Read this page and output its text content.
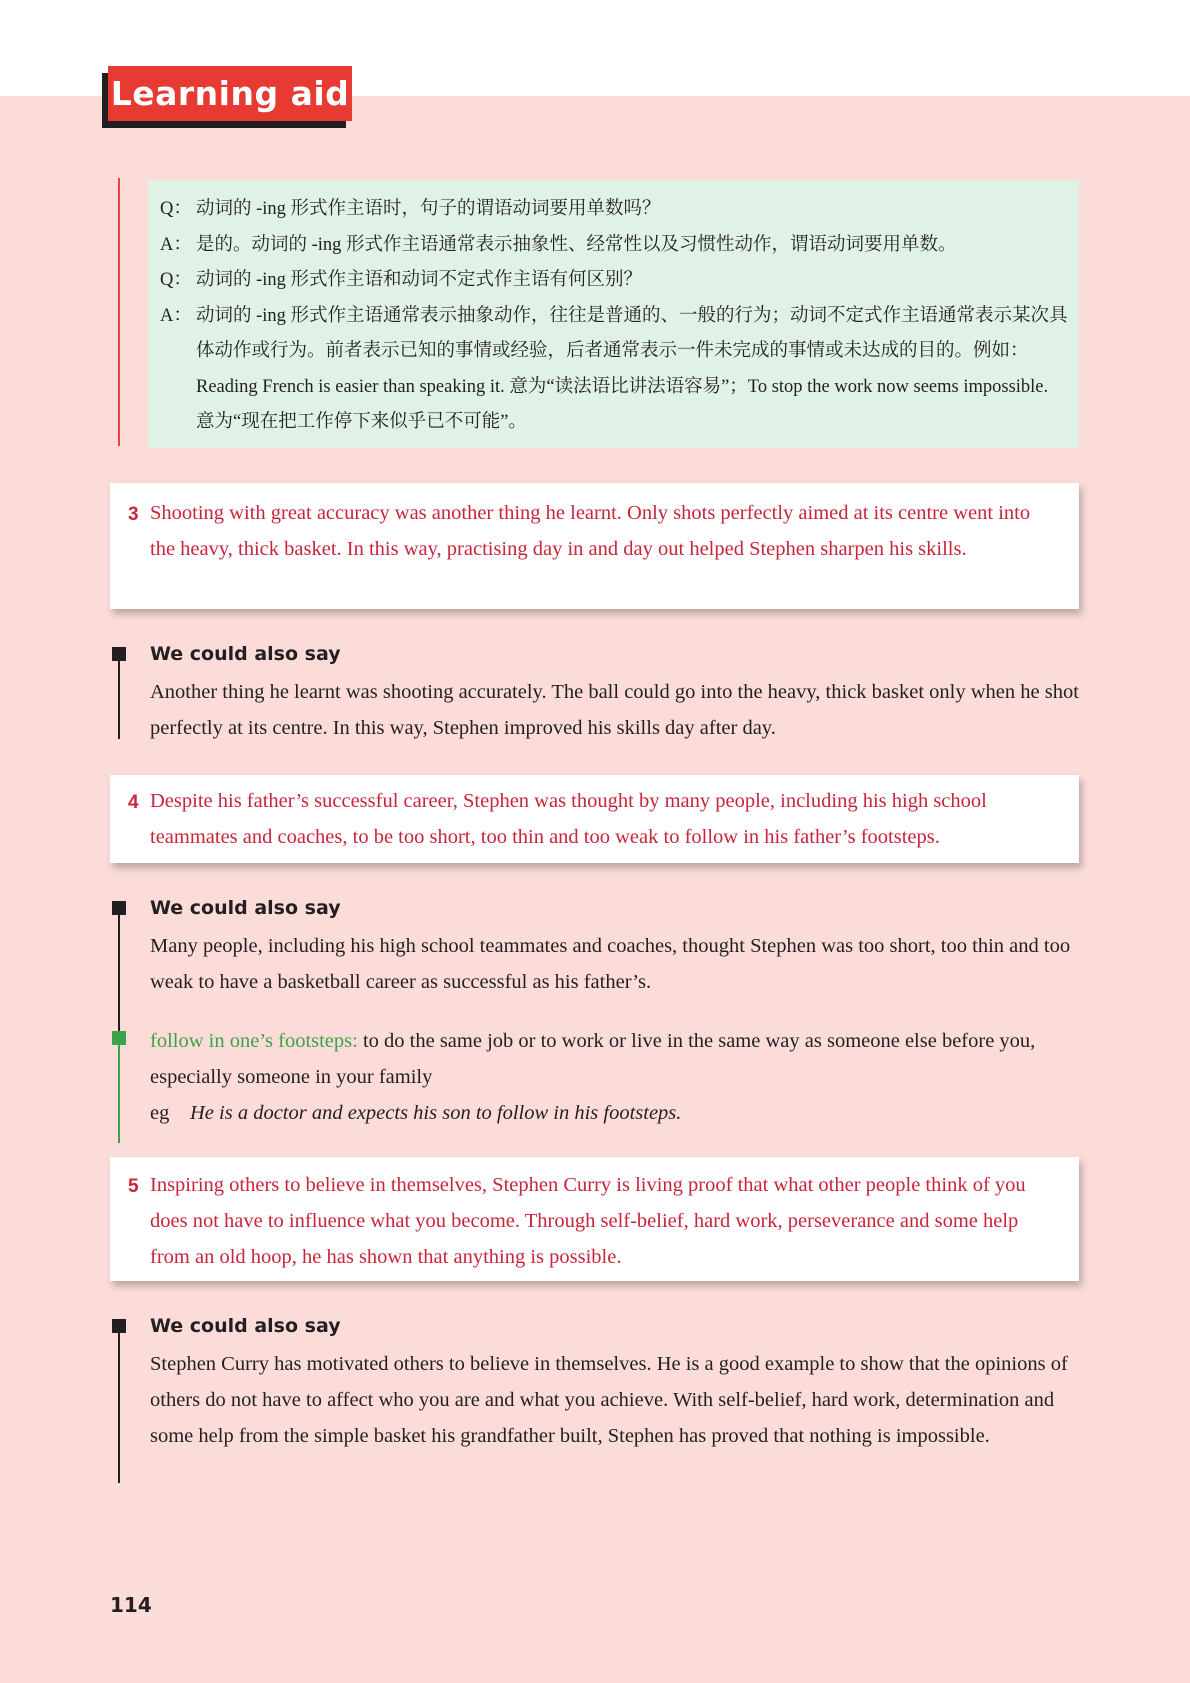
Learning aid
Q： 动词的 -ing 形式作主语时，句子的谓语动词要用单数吗？
A： 是的。动词的 -ing 形式作主语通常表示抽象性、经常性以及习惯性动作，谓语动词要用单数。
Q： 动词的 -ing 形式作主语和动词不定式作主语有何区别？
A： 动词的 -ing 形式作主语通常表示抽象动作，往往是普通的、一般的行为；动词不定式作主语通常表示某次具体动作或行为。前者表示已知的事情或经验，后者通常表示一件未完成的事情或未达成的目的。例如：Reading French is easier than speaking it. 意为“读法语比讲法语容易”；To stop the work now seems impossible. 意为“现在把工作停下来似乎已不可能”。
3 Shooting with great accuracy was another thing he learnt. Only shots perfectly aimed at its centre went into the heavy, thick basket. In this way, practising day in and day out helped Stephen sharpen his skills.
We could also say
Another thing he learnt was shooting accurately. The ball could go into the heavy, thick basket only when he shot perfectly at its centre. In this way, Stephen improved his skills day after day.
4 Despite his father’s successful career, Stephen was thought by many people, including his high school teammates and coaches, to be too short, too thin and too weak to follow in his father’s footsteps.
We could also say
Many people, including his high school teammates and coaches, thought Stephen was too short, too thin and too weak to have a basketball career as successful as his father’s.
follow in one’s footsteps: to do the same job or to work or live in the same way as someone else before you, especially someone in your family
eg	He is a doctor and expects his son to follow in his footsteps.
5 Inspiring others to believe in themselves, Stephen Curry is living proof that what other people think of you does not have to influence what you become. Through self-belief, hard work, perseverance and some help from an old hoop, he has shown that anything is possible.
We could also say
Stephen Curry has motivated others to believe in themselves. He is a good example to show that the opinions of others do not have to affect who you are and what you achieve. With self-belief, hard work, determination and some help from the simple basket his grandfather built, Stephen has proved that nothing is impossible.
114
